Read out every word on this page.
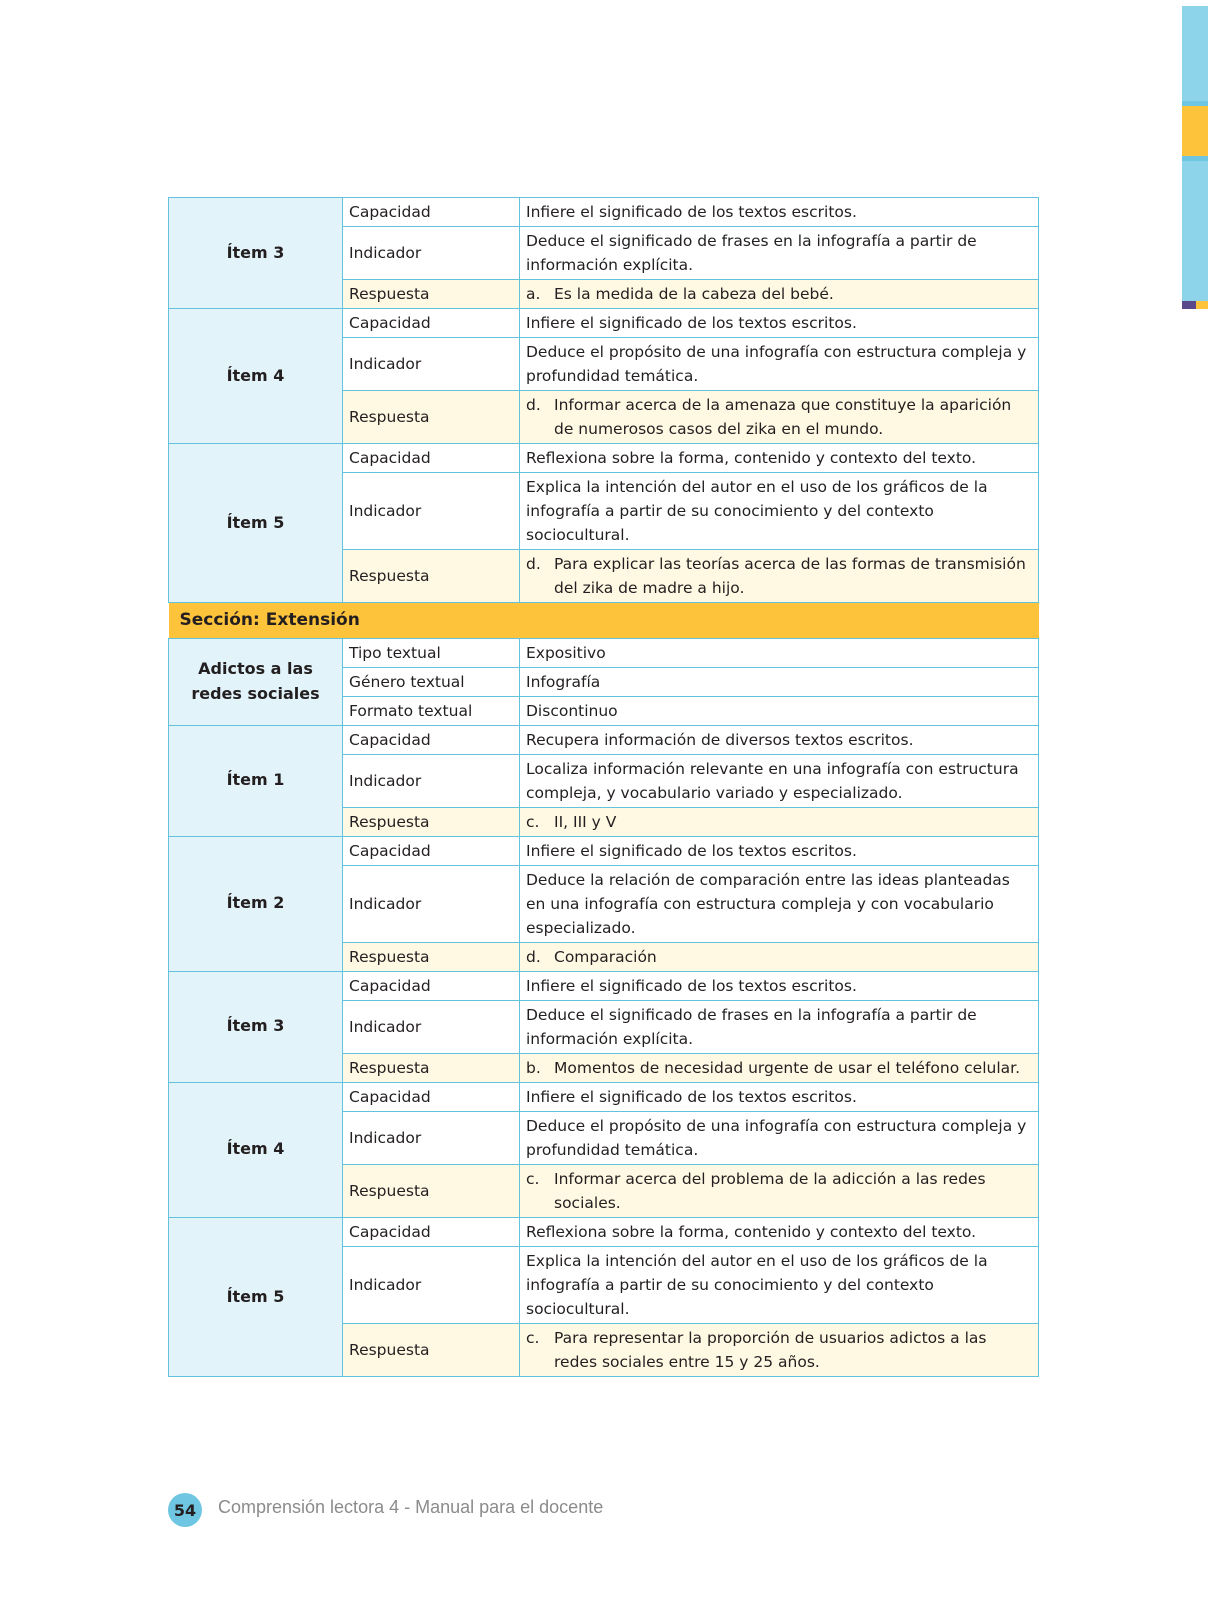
Ítem 3	Capacidad	Infiere el significado de los textos escritos.
	Indicador	Deduce el significado de frases en la infografía a partir de información explícita.
	Respuesta	a. Es la medida de la cabeza del bebé.

Ítem 4	Capacidad	Infiere el significado de los textos escritos.
	Indicador	Deduce el propósito de una infografía con estructura compleja y profundidad temática.
	Respuesta	d. Informar acerca de la amenaza que constituye la aparición de numerosos casos del zika en el mundo.

Ítem 5	Capacidad	Reflexiona sobre la forma, contenido y contexto del texto.
	Indicador	Explica la intención del autor en el uso de los gráficos de la infografía a partir de su conocimiento y del contexto sociocultural.
	Respuesta	d. Para explicar las teorías acerca de las formas de transmisión del zika de madre a hijo.

Sección: Extensión		
Adictos a las redes sociales	Tipo textual	Expositivo
	Género textual	Infografía
	Formato textual	Discontinuo
Ítem 1	Capacidad	Recupera información de diversos textos escritos.
	Indicador	Localiza información relevante en una infografía con estructura compleja, y vocabulario variado y especializado.
	Respuesta	c. II, III y V

Ítem 2	Capacidad	Infiere el significado de los textos escritos.
	Indicador	Deduce la relación de comparación entre las ideas planteadas en una infografía con estructura compleja y con vocabulario especializado.
	Respuesta	d. Comparación

Ítem 3	Capacidad	Infiere el significado de los textos escritos.
	Indicador	Deduce el significado de frases en la infografía a partir de información explícita.
	Respuesta	b. Momentos de necesidad urgente de usar el teléfono celular.

Ítem 4	Capacidad	Infiere el significado de los textos escritos.
	Indicador	Deduce el propósito de una infografía con estructura compleja y profundidad temática.
	Respuesta	c. Informar acerca del problema de la adicción a las redes sociales.

Ítem 5	Capacidad	Reflexiona sobre la forma, contenido y contexto del texto.
	Indicador	Explica la intención del autor en el uso de los gráficos de la infografía a partir de su conocimiento y del contexto sociocultural.
	Respuesta	c. Para representar la proporción de usuarios adictos a las redes sociales entre 15 y 25 años.
54 Comprensión lectora 4 - Manual para el docente
